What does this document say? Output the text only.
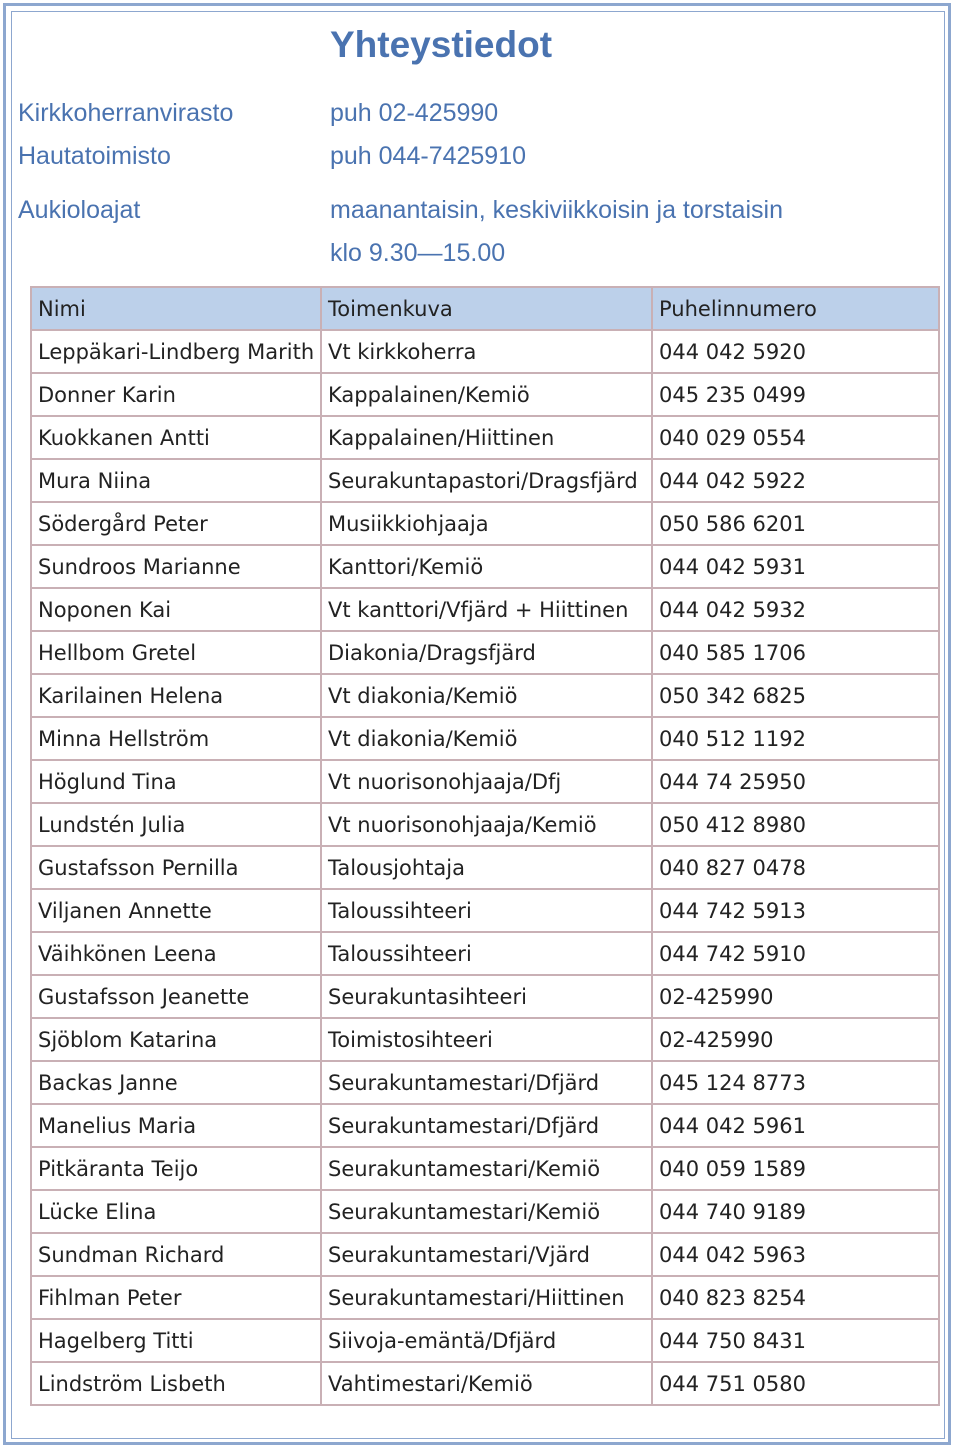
Yhteystiedot
Kirkkoherranvirasto	puh 02-425990
Hautatoimisto	puh 044-7425910
Aukioloajat	maanantaisin, keskiviikkoisin ja torstaisin
klo 9.30—15.00
Nimi	Toimenkuva	Puhelinnumero
Leppäkari-Lindberg Marith	Vt kirkkoherra	044 042 5920
Donner Karin	Kappalainen/Kemiö	045 235 0499
Kuokkanen Antti	Kappalainen/Hiittinen	040 029 0554
Mura Niina	Seurakuntapastori/Dragsfjärd	044 042 5922
Södergård Peter	Musiikkiohjaaja	050 586 6201
Sundroos Marianne	Kanttori/Kemiö	044 042 5931
Noponen Kai	Vt kanttori/Vfjärd + Hiittinen	044 042 5932
Hellbom Gretel	Diakonia/Dragsfjärd	040 585 1706
Karilainen Helena	Vt diakonia/Kemiö	050 342 6825
Minna Hellström	Vt diakonia/Kemiö	040 512 1192
Höglund Tina	Vt nuorisonohjaaja/Dfj	044 74 25950
Lundstén Julia	Vt nuorisonohjaaja/Kemiö	050 412 8980
Gustafsson Pernilla	Talousjohtaja	040 827 0478
Viljanen Annette	Taloussihteeri	044 742 5913
Väihkönen Leena	Taloussihteeri	044 742 5910
Gustafsson Jeanette	Seurakuntasihteeri	02-425990
Sjöblom Katarina	Toimistosihteeri	02-425990
Backas Janne	Seurakuntamestari/Dfjärd	045 124 8773
Manelius Maria	Seurakuntamestari/Dfjärd	044 042 5961
Pitkäranta Teijo	Seurakuntamestari/Kemiö	040 059 1589
Lücke Elina	Seurakuntamestari/Kemiö	044 740 9189
Sundman Richard	Seurakuntamestari/Vjärd	044 042 5963
Fihlman Peter	Seurakuntamestari/Hiittinen	040 823 8254
Hagelberg Titti	Siivoja-emäntä/Dfjärd	044 750 8431
Lindström Lisbeth	Vahtimestari/Kemiö	044 751 0580
